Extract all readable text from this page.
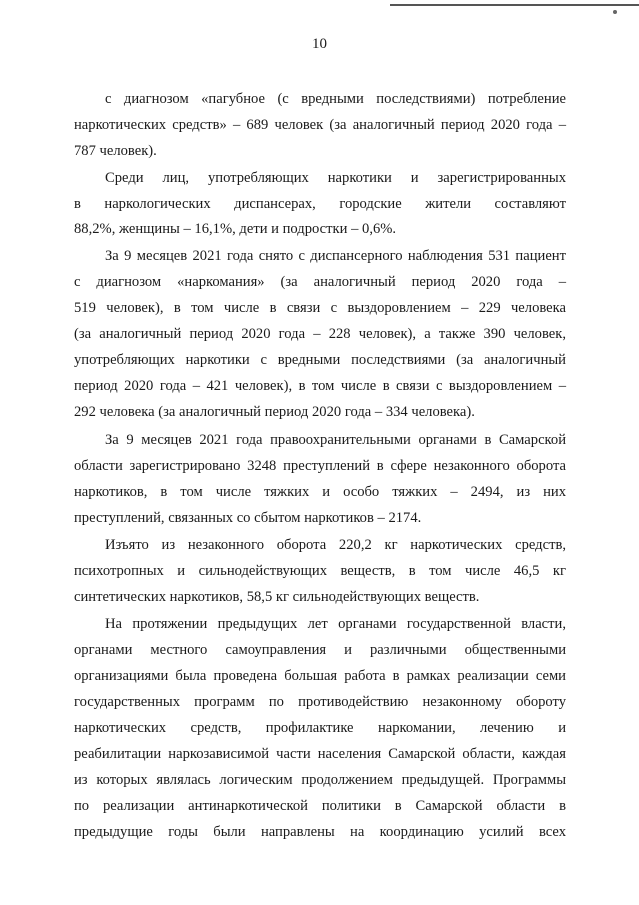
10
с диагнозом «пагубное (с вредными последствиями) потребление
наркотических средств» – 689 человек (за аналогичный период 2020 года –
787 человек).
Среди лиц, употребляющих наркотики и зарегистрированных
в наркологических диспансерах, городские жители составляют
88,2%, женщины – 16,1%, дети и подростки – 0,6%.
За 9 месяцев 2021 года снято с диспансерного наблюдения 531 пациент
с диагнозом «наркомания» (за аналогичный период 2020 года –
519 человек), в том числе в связи с выздоровлением – 229 человека
(за аналогичный период 2020 года – 228 человек), а также 390 человек,
употребляющих наркотики с вредными последствиями (за аналогичный
период 2020 года – 421 человек), в том числе в связи с выздоровлением –
292 человека (за аналогичный период 2020 года – 334 человека).
За 9 месяцев 2021 года правоохранительными органами в Самарской
области зарегистрировано 3248 преступлений в сфере незаконного оборота
наркотиков, в том числе тяжких и особо тяжких – 2494, из них
преступлений, связанных со сбытом наркотиков – 2174.
Изъято из незаконного оборота 220,2 кг наркотических средств,
психотропных и сильнодействующих веществ, в том числе 46,5 кг
синтетических наркотиков, 58,5 кг сильнодействующих веществ.
На протяжении предыдущих лет органами государственной власти,
органами местного самоуправления и различными общественными
организациями была проведена большая работа в рамках реализации семи
государственных программ по противодействию незаконному обороту
наркотических средств, профилактике наркомании, лечению и
реабилитации наркозависимой части населения Самарской области, каждая
из которых являлась логическим продолжением предыдущей. Программы
по реализации антинаркотической политики в Самарской области в
предыдущие годы были направлены на координацию усилий всех
